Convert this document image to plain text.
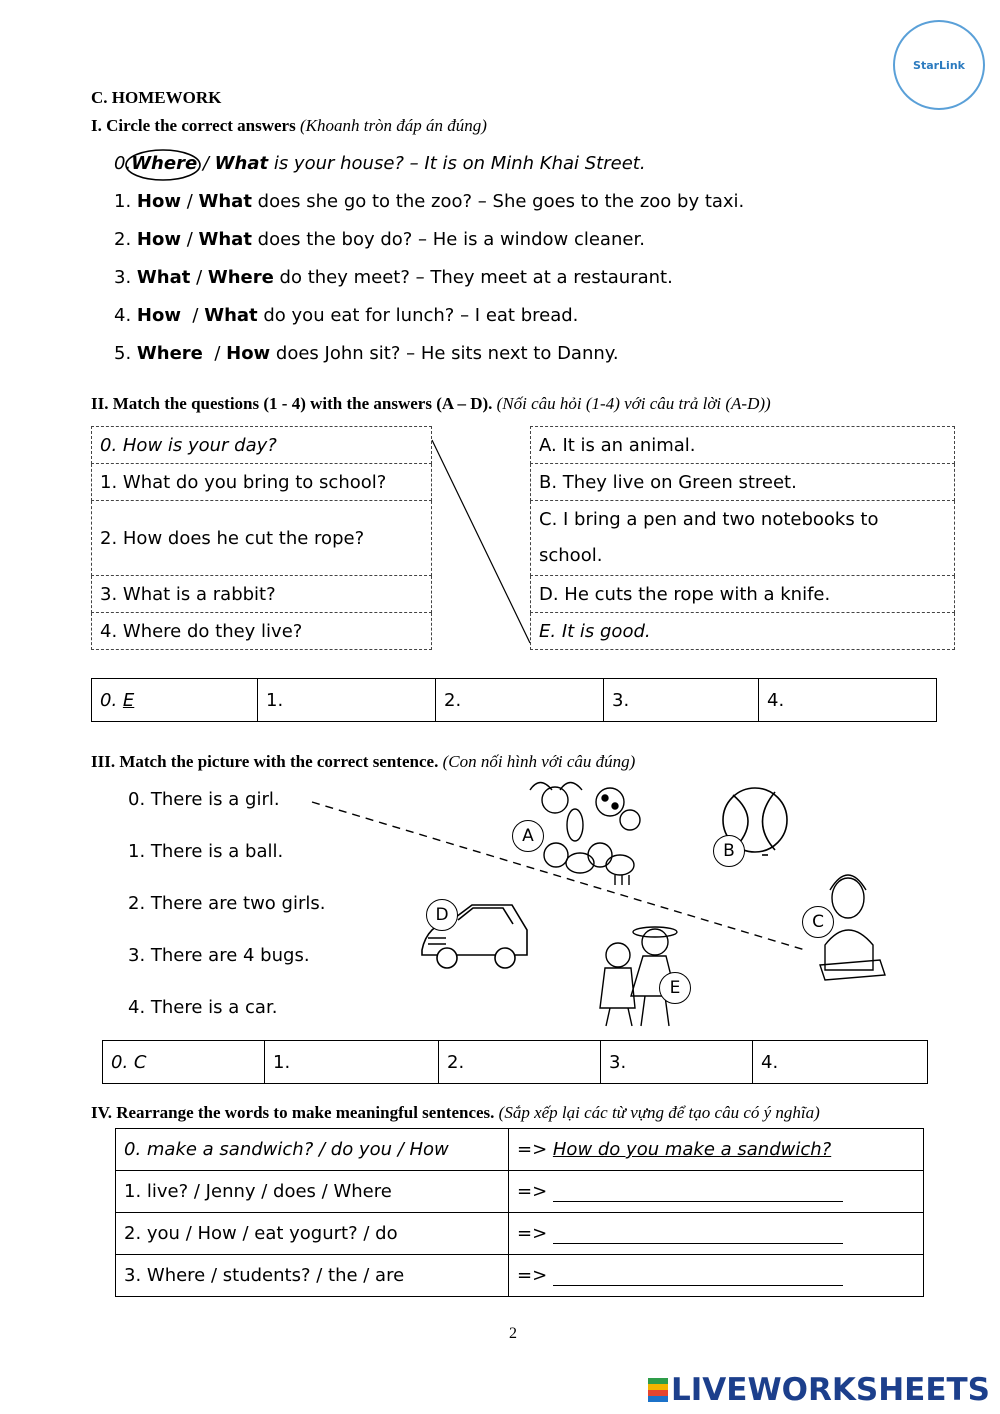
StarLink
C. HOMEWORK
I. Circle the correct answers (Khoanh tròn đáp án đúng)
0.Where
/ What is your house? – It is on Minh Khai Street.
1. How / What does she go to the zoo? – She goes to the zoo by taxi.
2. How / What does the boy do? – He is a window cleaner.
3. What / Where do they meet? – They meet at a restaurant.
4. How  / What do you eat for lunch? – I eat bread.
5. Where  / How does John sit? – He sits next to Danny.
II. Match the questions (1 - 4) with the answers (A – D). (Nối câu hỏi (1-4) với câu trả lời (A-D))
0. How is your day?
1. What do you bring to school?
2. How does he cut the rope?
3. What is a rabbit?
4. Where do they live?
A. It is an animal.
B. They live on Green street.
C. I bring a pen and two notebooks to school.
D. He cuts the rope with a knife.
E. It is good.
0. E	1.	2.	3.	4.
III. Match the picture with the correct sentence. (Con nối hình với câu đúng)
0. There is a girl.
1. There is a ball.
2. There are two girls.
3. There are 4 bugs.
4. There is a car.
A
B
C
D
E
0. C	1.	2.	3.	4.
IV. Rearrange the words to make meaningful sentences. (Sắp xếp lại các từ vựng để tạo câu có ý nghĩa)
0. make a sandwich? / do you / How	=> How do you make a sandwich?
1. live? / Jenny / does / Where	=>
2. you / How / eat yogurt? / do	=>
3. Where / students? / the / are	=>
2
LIVEWORKSHEETS
